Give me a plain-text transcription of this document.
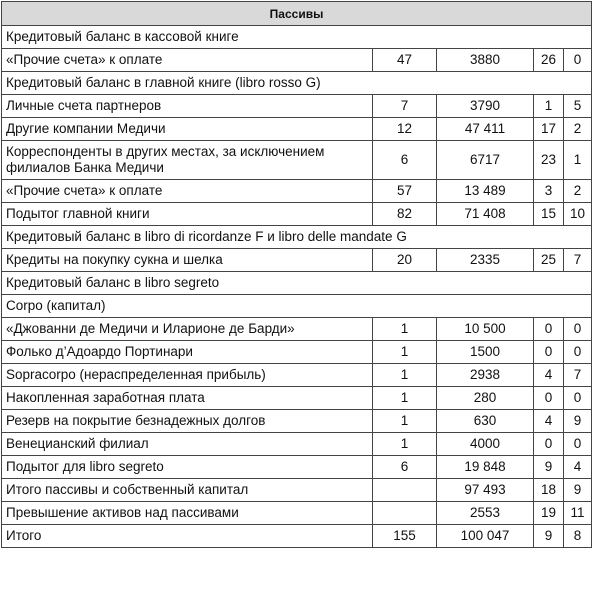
Пассивы				
Кредитовый баланс в кассовой книге				
«Прочие счета» к оплате	47	3880	26	0
Кредитовый баланс в главной книге (libro rosso G)				
Личные счета партнеров	7	3790	1	5
Другие компании Медичи	12	47 411	17	2
Корреспонденты в других местах, за исключением филиалов Банка Медичи	6	6717	23	1
«Прочие счета» к оплате	57	13 489	3	2
Подытог главной книги	82	71 408	15	10
Кредитовый баланс в libro di ricordanze F и libro delle mandate G				
Кредиты на покупку сукна и шелка	20	2335	25	7
Кредитовый баланс в libro segreto				
Corpo (капитал)				
«Джованни де Медичи и Иларионе де Барди»	1	10 500	0	0
Фолько д’Адоардо Портинари	1	1500	0	0
Sopracorpo (нераспределенная прибыль)	1	2938	4	7
Накопленная заработная плата	1	280	0	0
Резерв на покрытие безнадежных долгов	1	630	4	9
Венецианский филиал	1	4000	0	0
Подытог для libro segreto	6	19 848	9	4
Итого пассивы и собственный капитал		97 493	18	9
Превышение активов над пассивами		2553	19	11
Итого	155	100 047	9	8
